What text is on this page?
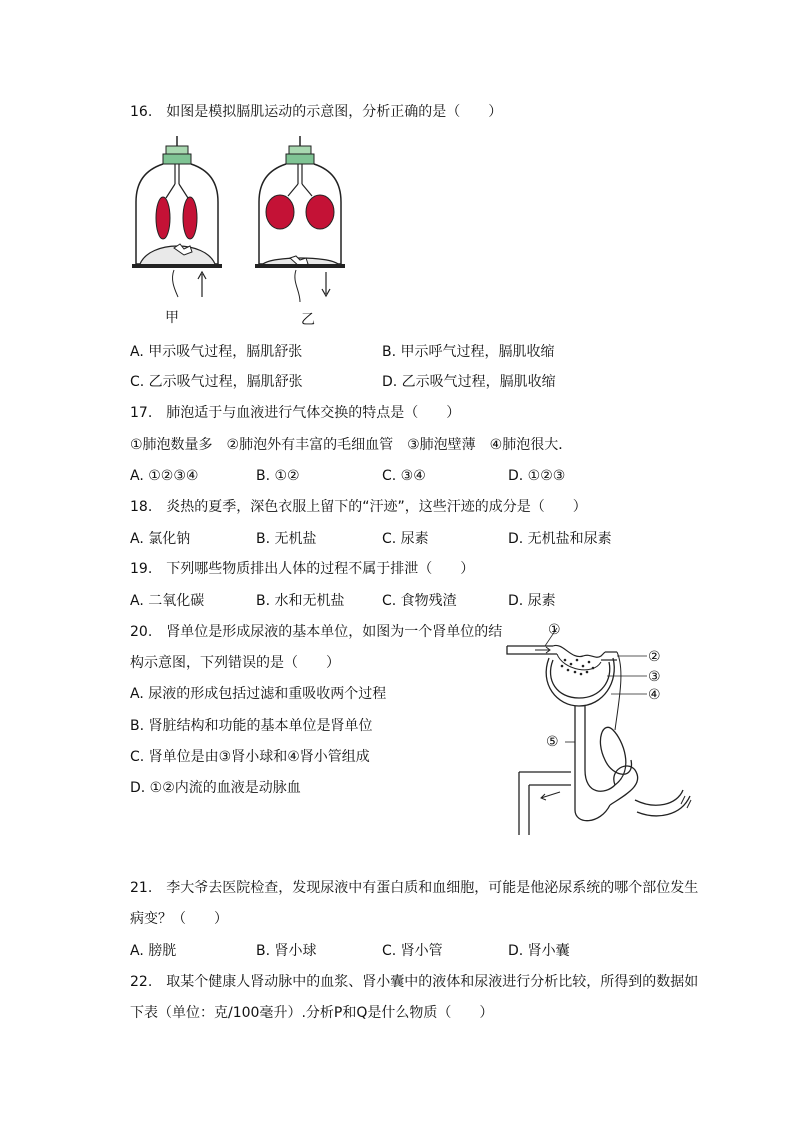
16.　如图是模拟膈肌运动的示意图，分析正确的是（　　）
甲	乙
A. 甲示吸气过程，膈肌舒张	B. 甲示呼气过程，膈肌收缩
C. 乙示吸气过程，膈肌舒张	D. 乙示吸气过程，膈肌收缩
17.　肺泡适于与血液进行气体交换的特点是（　　）
①肺泡数量多　②肺泡外有丰富的毛细血管　③肺泡壁薄　④肺泡很大．
A. ①②③④	B. ①②	C. ③④	D. ①②③
18.　炎热的夏季，深色衣服上留下的“汗迹”，这些汗迹的成分是（　　）
A. 氯化钠	B. 无机盐	C. 尿素	D. 无机盐和尿素
19.　下列哪些物质排出人体的过程不属于排泄（　　）
A. 二氧化碳	B. 水和无机盐	C. 食物残渣	D. 尿素
20.　肾单位是形成尿液的基本单位，如图为一个肾单位的结
构示意图，下列错误的是（　　）
A. 尿液的形成包括过滤和重吸收两个过程
B. 肾脏结构和功能的基本单位是肾单位
C. 肾单位是由③肾小球和④肾小管组成
D. ①②内流的血液是动脉血
①
②
③
④
⑤
21.　李大爷去医院检查，发现尿液中有蛋白质和血细胞，可能是他泌尿系统的哪个部位发生
病变？（　　）
A. 膀胱	B. 肾小球	C. 肾小管	D. 肾小囊
22.　取某个健康人肾动脉中的血浆、肾小囊中的液体和尿液进行分析比较，所得到的数据如
下表（单位：克/100毫升）.分析P和Q是什么物质（　　）
